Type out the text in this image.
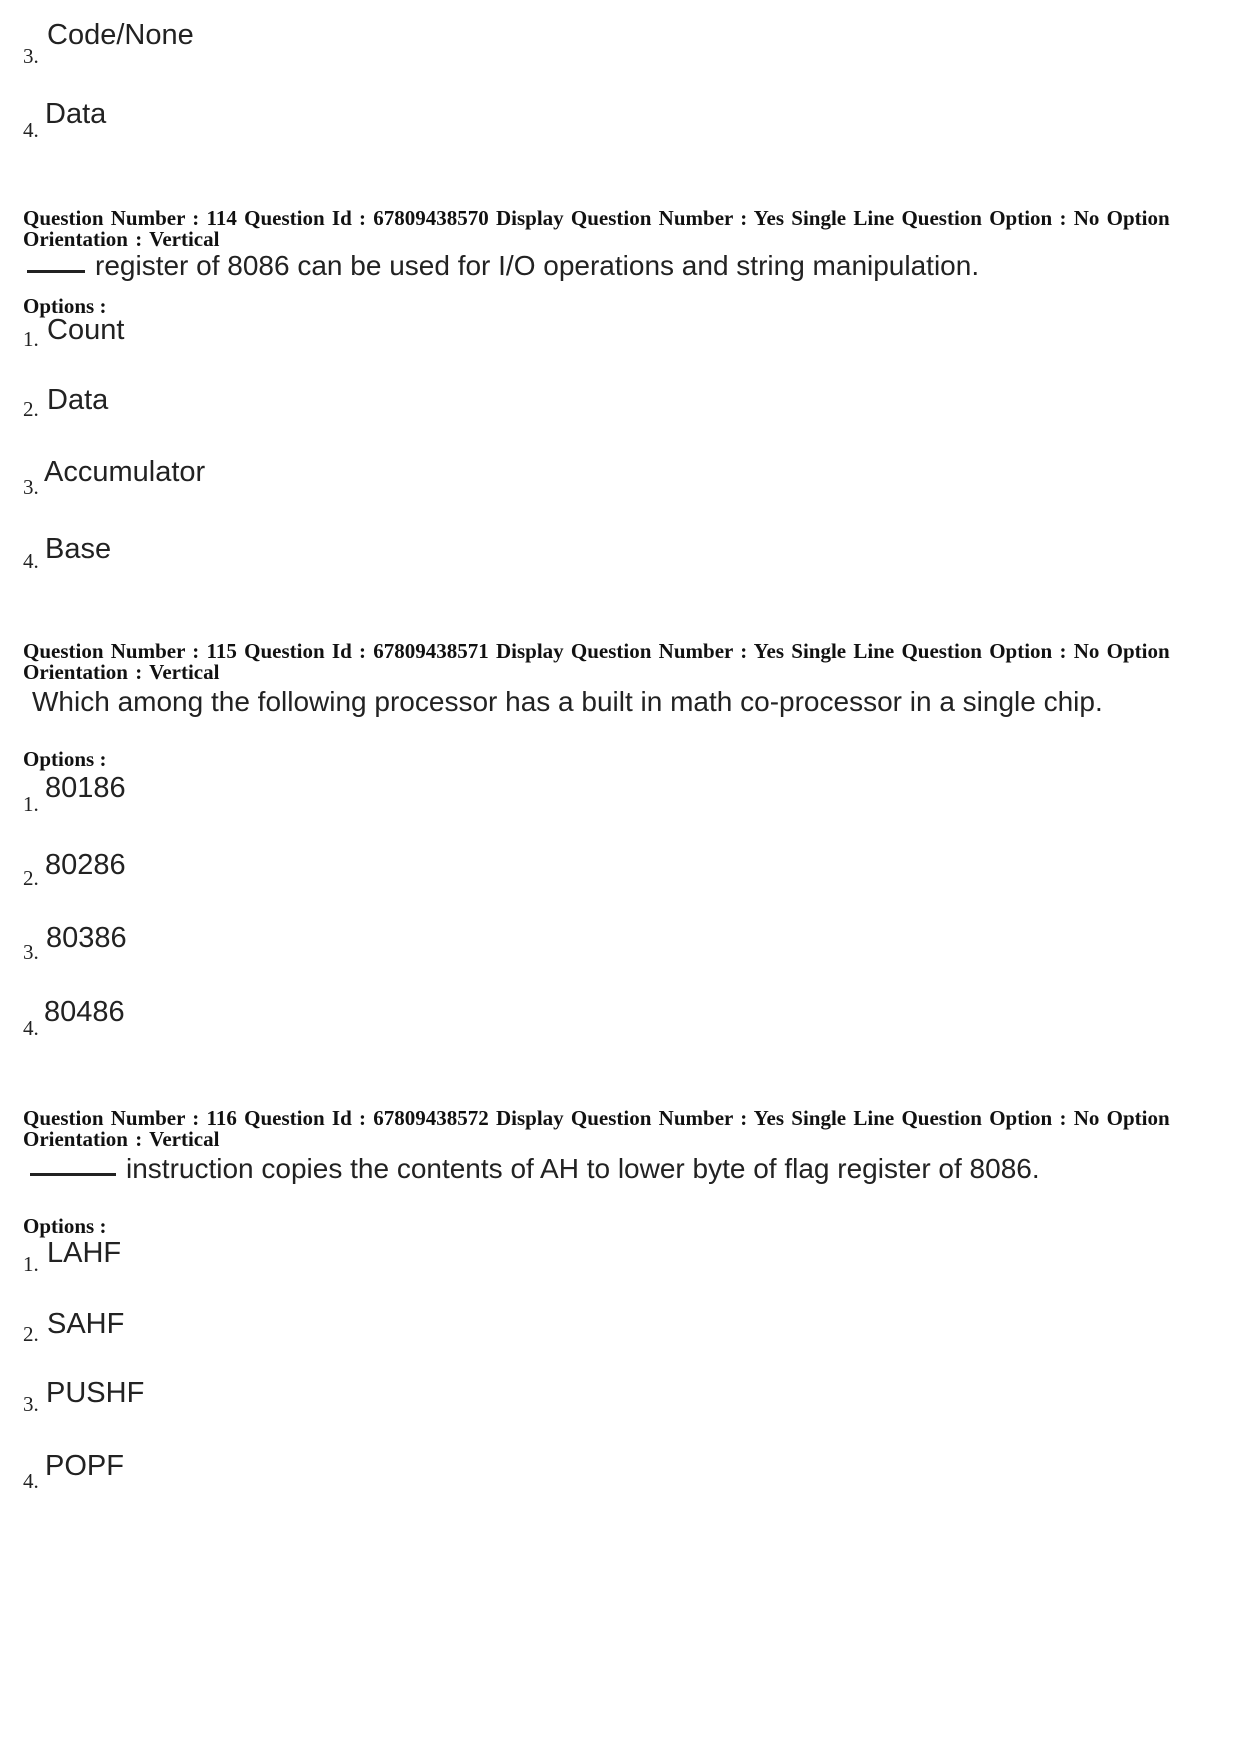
3.
Code/None
4. Data
Question Number : 114 Question Id : 67809438570 Display Question Number : Yes Single Line Question Option : No Option
Orientation : Vertical
register of 8086 can be used for I/O operations and string manipulation.
Options :
1. Count
2. Data
3. Accumulator
4. Base
Question Number : 115 Question Id : 67809438571 Display Question Number : Yes Single Line Question Option : No Option
Orientation : Vertical
Which among the following processor has a built in math co-processor in a single chip.
Options :
1. 80186
2. 80286
3. 80386
4. 80486
Question Number : 116 Question Id : 67809438572 Display Question Number : Yes Single Line Question Option : No Option
Orientation : Vertical
instruction copies the contents of AH to lower byte of flag register of 8086.
Options :
1. LAHF
2. SAHF
3. PUSHF
4. POPF
